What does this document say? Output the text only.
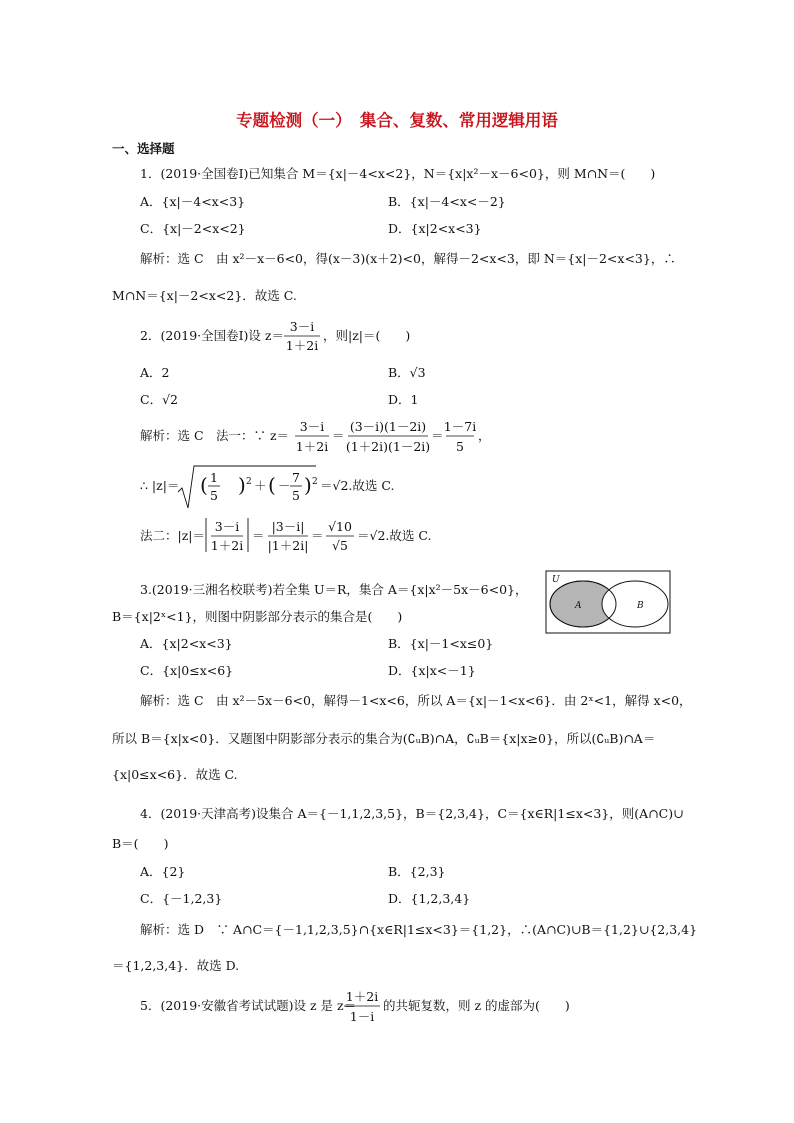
专题检测（一）　集合、复数、常用逻辑用语
一、选择题
1．(2019·全国卷Ⅰ)已知集合 M＝{x|－4<x<2}，N＝{x|x²－x－6<0}，则 M∩N＝(　　)
A．{x|－4<x<3}	B．{x|－4<x<－2}
C．{x|－2<x<2}	D．{x|2<x<3}
解析：选 C　由 x²－x－6<0，得(x－3)(x＋2)<0，解得－2<x<3，即 N＝{x|－2<x<3}，∴
M∩N＝{x|－2<x<2}．故选 C.
2．(2019·全国卷Ⅰ)设 z＝
3－i
1＋2i
，则|z|＝(　　)
A．2	B．√3
C．√2	D．1
解析：选 C　法一：∵ z＝
3－i
1＋2i
＝
(3－i)(1－2i)
(1＋2i)(1－2i)
＝
1－7i
5
，
∴ |z|＝ ( 1
5 ) 2 ＋ ( －
7
5 ) 2 ＝√2.故选 C.
法二：|z|＝
3－i
1＋2i
＝
|3－i|
|1＋2i|
＝
√10
√5
＝√2.故选 C.
3.(2019·三湘名校联考)若全集 U＝R，集合 A＝{x|x²－5x－6<0}，
B＝{x|2ˣ<1}，则图中阴影部分表示的集合是(　　)
U
A	B
A．{x|2<x<3}	B．{x|－1<x≤0}
C．{x|0≤x<6}	D．{x|x<－1}
解析：选 C　由 x²－5x－6<0，解得－1<x<6，所以 A＝{x|－1<x<6}．由 2ˣ<1，解得 x<0，
所以 B＝{x|x<0}．又题图中阴影部分表示的集合为(∁ᵤB)∩A，∁ᵤB＝{x|x≥0}，所以(∁ᵤB)∩A＝
{x|0≤x<6}．故选 C.
4．(2019·天津高考)设集合 A＝{－1,1,2,3,5}，B＝{2,3,4}，C＝{x∈R|1≤x<3}，则(A∩C)∪
B＝(　　)
A．{2}	B．{2,3}
C．{－1,2,3}	D．{1,2,3,4}
解析：选 D　∵ A∩C＝{－1,1,2,3,5}∩{x∈R|1≤x<3}＝{1,2}，∴(A∩C)∪B＝{1,2}∪{2,3,4}
＝{1,2,3,4}．故选 D.
5．(2019·安徽省考试试题)设 z 是 z＝
1＋2i
1－i
的共轭复数，则 z 的虚部为(　　)
